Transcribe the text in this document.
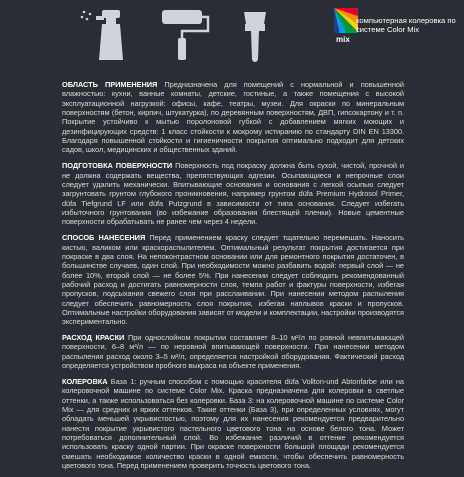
mix
компьютерная колеровка по системе Color Mix

ОБЛАСТЬ ПРИМЕНЕНИЯ Предназначена для помещений с нормальной и повышенной влажностью: кухни, ванные комнаты, детские, гостиные, а также помещения с высокой эксплуатационной нагрузкой: офисы, кафе, театры, музеи. Для окраски по минеральным поверхностям (бетон, кирпич, штукатурка), по деревянным поверхностям, ДВП, гипсокартону и т. п. Покрытие устойчиво к мытью поролоновой губкой с добавлением мягких моющих и дезинфицирующих средств: 1 класс стойкости к мокрому истиранию по стандарту DIN EN 13300. Благодаря повышенной стойкости и гигиеничности покрытия оптимально подходит для детских садов, школ, медицинских и общественных зданий.

ПОДГОТОВКА ПОВЕРХНОСТИ Поверхность под покраску должна быть сухой, чистой, прочной и не должна содержать вещества, препятствующих адгезии. Осыпающиеся и непрочные слои следует удалить механически. Впитывающие основания и основания с легкой осыпью следует загрунтовать грунтом глубокого проникновения, например грунтом düfa Premium Hydrosol Primer, düfa Tiefgrund LF или düfa Putzgrund в зависимости от типа основания. Следует избегать избыточного грунтования (во избежание образования блестящей пленки). Новые цементные поверхности обрабатывать не ранее чем через 4 недели.

СПОСОБ НАНЕСЕНИЯ Перед применением краску следует тщательно перемешать. Наносить кистью, валиком или краскораспылителем. Оптимальный результат покрытия достигается при покраске в два слоя. На непоконтрастном основании или для ремонтного покрытия достаточен, в большинстве случаев, один слой. При необходимости можно разбавить водой: первый слой — не более 10%, второй слой — не более 5%. При нанесении следует соблюдать рекомендованный рабочий расход и достигать равномерности слоя, темпа работ и фактуры поверхности, избегая пропусков, подсыхания свежего слоя при расслаивании. При нанесении методом распыления следует обеспечить равномерность слоя покрытия, избегая наплывов краски и пропусков. Оптимальные настройки оборудования зависят от модели и комплектации, настройки производятся экспериментально.

РАСХОД КРАСКИ При однослойном покрытии составляет 8–10 м²/л по ровной невпитывающей поверхности, 6–8 м²/л — по неровной впитывающей поверхности. При нанесении методом распыления расход около 3–5 м²/л, определяется настройкой оборудования. Фактический расход определяется устройством пробного выкраса на объекте применения.

КОЛЕРОВКА База 1: ручным способом с помощью красителя düfa Vollton-und Abtonfarbe или на колеровочной машине по системе Color Mix. Краска предназначена для колеровки в светлые оттенки, а также использоваться без колеровки. База 3: на колеровочной машине по системе Color Mix — для средних и ярких оттенков. Такие оттенки (База 3), при определенных условиях, могут обладать меньшей укрывистостью, поэтому для их нанесения рекомендуется предварительно нанести покрытие укрывистого пастельного цветового тона на основе белого тона. Может потребоваться дополнительный слой. Во избежание различий в оттенке рекомендуется использовать краску одной партии. При окраске поверхности большой площади рекомендуется смешать необходимое количество краски в одной емкости, чтобы обеспечить равномерность цветового тона. Перед применением проверить точность цветового тона.
